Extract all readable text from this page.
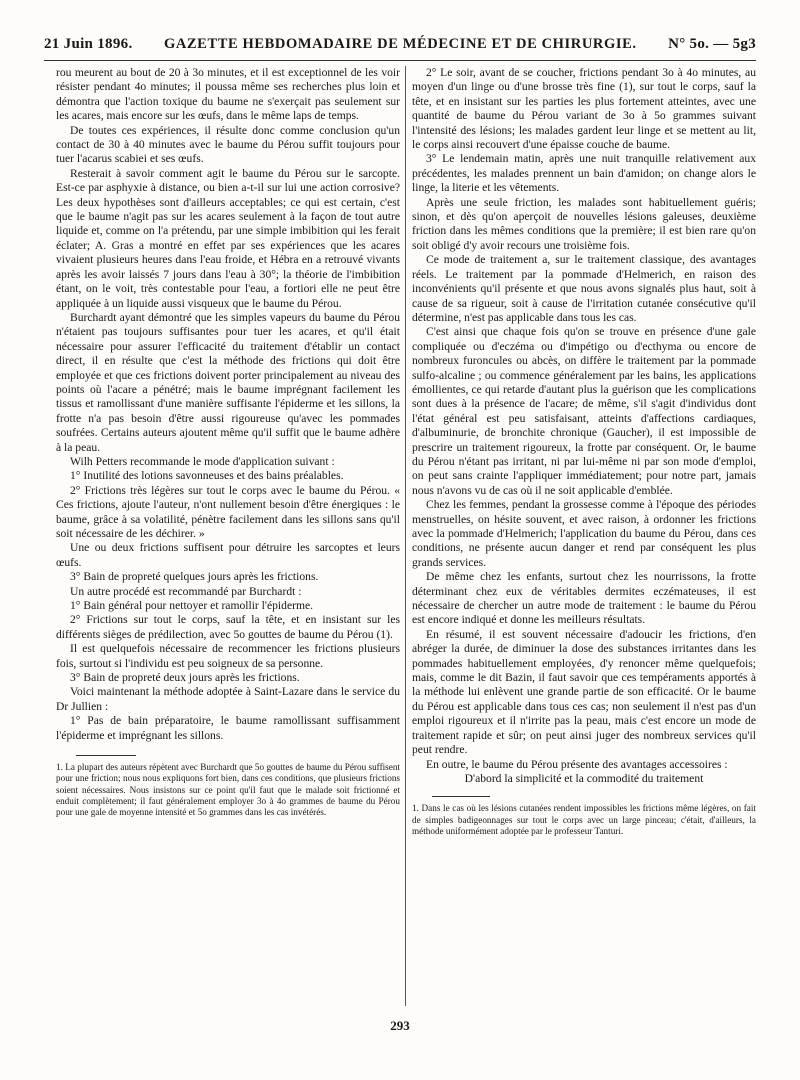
21 Juin 1896. GAZETTE HEBDOMADAIRE DE MÉDECINE ET DE CHIRURGIE. N° 5o. — 5g3

rou meurent au bout de 20 à 3o minutes, et il est exceptionnel de les voir résister pendant 4o minutes; il poussa même ses recherches plus loin et démontra que l'action toxique du baume ne s'exerçait pas seulement sur les acares, mais encore sur les œufs, dans le même laps de temps.

De toutes ces expériences, il résulte donc comme conclusion qu'un contact de 30 à 40 minutes avec le baume du Pérou suffit toujours pour tuer l'acarus scabiei et ses œufs.

Resterait à savoir comment agit le baume du Pérou sur le sarcopte. Est-ce par asphyxie à distance, ou bien a-t-il sur lui une action corrosive? Les deux hypothèses sont d'ailleurs acceptables; ce qui est certain, c'est que le baume n'agit pas sur les acares seulement à la façon de tout autre liquide et, comme on l'a prétendu, par une simple imbibition qui les ferait éclater; A. Gras a montré en effet par ses expériences que les acares vivaient plusieurs heures dans l'eau froide, et Hébra en a retrouvé vivants après les avoir laissés 7 jours dans l'eau à 30°; la théorie de l'imbibition étant, on le voit, très contestable pour l'eau, a fortiori elle ne peut être appliquée à un liquide aussi visqueux que le baume du Pérou.

Burchardt ayant démontré que les simples vapeurs du baume du Pérou n'étaient pas toujours suffisantes pour tuer les acares, et qu'il était nécessaire pour assurer l'efficacité du traitement d'établir un contact direct, il en résulte que c'est la méthode des frictions qui doit être employée et que ces frictions doivent porter principalement au niveau des points où l'acare a pénétré; mais le baume imprégnant facilement les tissus et ramollissant d'une manière suffisante l'épiderme et les sillons, la frotte n'a pas besoin d'être aussi rigoureuse qu'avec les pommades soufrées. Certains auteurs ajoutent même qu'il suffit que le baume adhère à la peau.

Wilh Petters recommande le mode d'application suivant :

1° Inutilité des lotions savonneuses et des bains préalables.

2° Frictions très légères sur tout le corps avec le baume du Pérou. « Ces frictions, ajoute l'auteur, n'ont nullement besoin d'être énergiques : le baume, grâce à sa volatilité, pénètre facilement dans les sillons sans qu'il soit nécessaire de les déchirer. »

Une ou deux frictions suffisent pour détruire les sarcoptes et leurs œufs.

3° Bain de propreté quelques jours après les frictions.

Un autre procédé est recommandé par Burchardt :

1° Bain général pour nettoyer et ramollir l'épiderme.

2° Frictions sur tout le corps, sauf la tête, et en insistant sur les différents sièges de prédilection, avec 5o gouttes de baume du Pérou (1).

Il est quelquefois nécessaire de recommencer les frictions plusieurs fois, surtout si l'individu est peu soigneux de sa personne.

3° Bain de propreté deux jours après les frictions.

Voici maintenant la méthode adoptée à Saint-Lazare dans le service du Dr Jullien :

1° Pas de bain préparatoire, le baume ramollissant suffisamment l'épiderme et imprégnant les sillons.

1. La plupart des auteurs répètent avec Burchardt que 5o gouttes de baume du Pérou suffisent pour une friction; nous nous expliquons fort bien, dans ces conditions, que plusieurs frictions soient nécessaires. Nous insistons sur ce point qu'il faut que le malade soit frictionné et enduit complètement; il faut généralement employer 3o à 4o grammes de baume du Pérou pour une gale de moyenne intensité et 5o grammes dans les cas invétérés.

2° Le soir, avant de se coucher, frictions pendant 3o à 4o minutes, au moyen d'un linge ou d'une brosse très fine (1), sur tout le corps, sauf la tête, et en insistant sur les parties les plus fortement atteintes, avec une quantité de baume du Pérou variant de 3o à 5o grammes suivant l'intensité des lésions; les malades gardent leur linge et se mettent au lit, le corps ainsi recouvert d'une épaisse couche de baume.

3° Le lendemain matin, après une nuit tranquille relativement aux précédentes, les malades prennent un bain d'amidon; on change alors le linge, la literie et les vêtements.

Après une seule friction, les malades sont habituellement guéris; sinon, et dès qu'on aperçoit de nouvelles lésions galeuses, deuxième friction dans les mêmes conditions que la première; il est bien rare qu'on soit obligé d'y avoir recours une troisième fois.

Ce mode de traitement a, sur le traitement classique, des avantages réels. Le traitement par la pommade d'Helmerich, en raison des inconvénients qu'il présente et que nous avons signalés plus haut, soit à cause de sa rigueur, soit à cause de l'irritation cutanée consécutive qu'il détermine, n'est pas applicable dans tous les cas.

C'est ainsi que chaque fois qu'on se trouve en présence d'une gale compliquée ou d'eczéma ou d'impétigo ou d'ecthyma ou encore de nombreux furoncules ou abcès, on diffère le traitement par la pommade sulfo-alcaline ; ou commence généralement par les bains, les applications émollientes, ce qui retarde d'autant plus la guérison que les complications sont dues à la présence de l'acare; de même, s'il s'agit d'individus dont l'état général est peu satisfaisant, atteints d'affections cardiaques, d'albuminurie, de bronchite chronique (Gaucher), il est impossible de prescrire un traitement rigoureux, la frotte par conséquent. Or, le baume du Pérou n'étant pas irritant, ni par lui-même ni par son mode d'emploi, on peut sans crainte l'appliquer immédiatement; pour notre part, jamais nous n'avons vu de cas où il ne soit applicable d'emblée.

Chez les femmes, pendant la grossesse comme à l'époque des périodes menstruelles, on hésite souvent, et avec raison, à ordonner les frictions avec la pommade d'Helmerich; l'application du baume du Pérou, dans ces conditions, ne présente aucun danger et rend par conséquent les plus grands services.

De même chez les enfants, surtout chez les nourrissons, la frotte déterminant chez eux de véritables dermites eczémateuses, il est nécessaire de chercher un autre mode de traitement : le baume du Pérou est encore indiqué et donne les meilleurs résultats.

En résumé, il est souvent nécessaire d'adoucir les frictions, d'en abréger la durée, de diminuer la dose des substances irritantes dans les pommades habituellement employées, d'y renoncer même quelquefois; mais, comme le dit Bazin, il faut savoir que ces tempéraments apportés à la méthode lui enlèvent une grande partie de son efficacité. Or le baume du Pérou est applicable dans tous ces cas; non seulement il n'est pas d'un emploi rigoureux et il n'irrite pas la peau, mais c'est encore un mode de traitement rapide et sûr; on peut ainsi juger des nombreux services qu'il peut rendre.

En outre, le baume du Pérou présente des avantages accessoires :

D'abord la simplicité et la commodité du traitement

1. Dans le cas où les lésions cutanées rendent impossibles les frictions même légères, on fait de simples badigeonnages sur tout le corps avec un large pinceau; c'était, d'ailleurs, la méthode uniformément adoptée par le professeur Tanturi.

293
